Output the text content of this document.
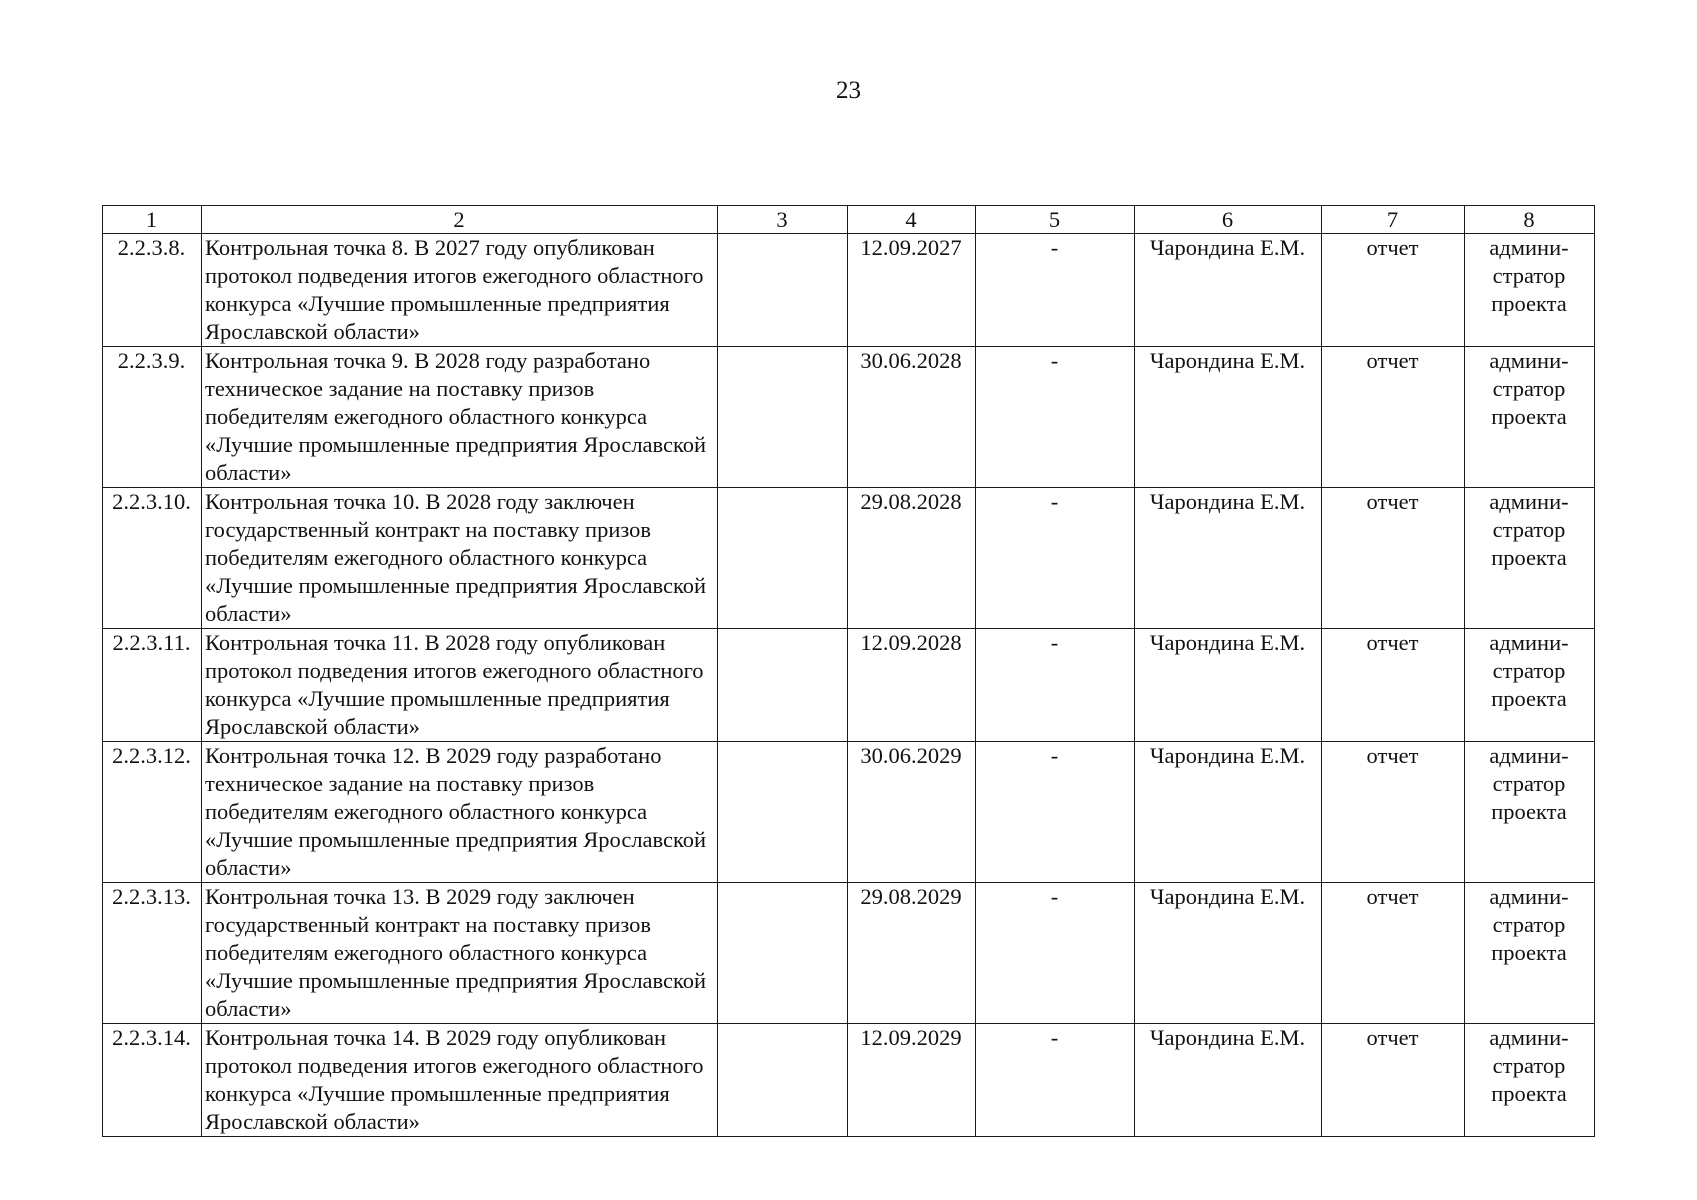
23
1	2	3	4	5	6	7	8
2.2.3.8.	Контрольная точка 8. В 2027 году опубликован протокол подведения итогов ежегодного областного конкурса «Лучшие промышленные предприятия Ярославской области»		12.09.2027	-	Чарондина Е.М.	отчет	админи-стратор проекта
2.2.3.9.	Контрольная точка 9. В 2028 году разработано техническое задание на поставку призов победителям ежегодного областного конкурса «Лучшие промышленные предприятия Ярославской области»		30.06.2028	-	Чарондина Е.М.	отчет	админи-стратор проекта
2.2.3.10.	Контрольная точка 10. В 2028 году заключен государственный контракт на поставку призов победителям ежегодного областного конкурса «Лучшие промышленные предприятия Ярославской области»		29.08.2028	-	Чарондина Е.М.	отчет	админи-стратор проекта
2.2.3.11.	Контрольная точка 11. В 2028 году опубликован протокол подведения итогов ежегодного областного конкурса «Лучшие промышленные предприятия Ярославской области»		12.09.2028	-	Чарондина Е.М.	отчет	админи-стратор проекта
2.2.3.12.	Контрольная точка 12. В 2029 году разработано техническое задание на поставку призов победителям ежегодного областного конкурса «Лучшие промышленные предприятия Ярославской области»		30.06.2029	-	Чарондина Е.М.	отчет	админи-стратор проекта
2.2.3.13.	Контрольная точка 13. В 2029 году заключен государственный контракт на поставку призов победителям ежегодного областного конкурса «Лучшие промышленные предприятия Ярославской области»		29.08.2029	-	Чарондина Е.М.	отчет	админи-стратор проекта
2.2.3.14.	Контрольная точка 14. В 2029 году опубликован протокол подведения итогов ежегодного областного конкурса «Лучшие промышленные предприятия Ярославской области»		12.09.2029	-	Чарондина Е.М.	отчет	админи-стратор проекта
